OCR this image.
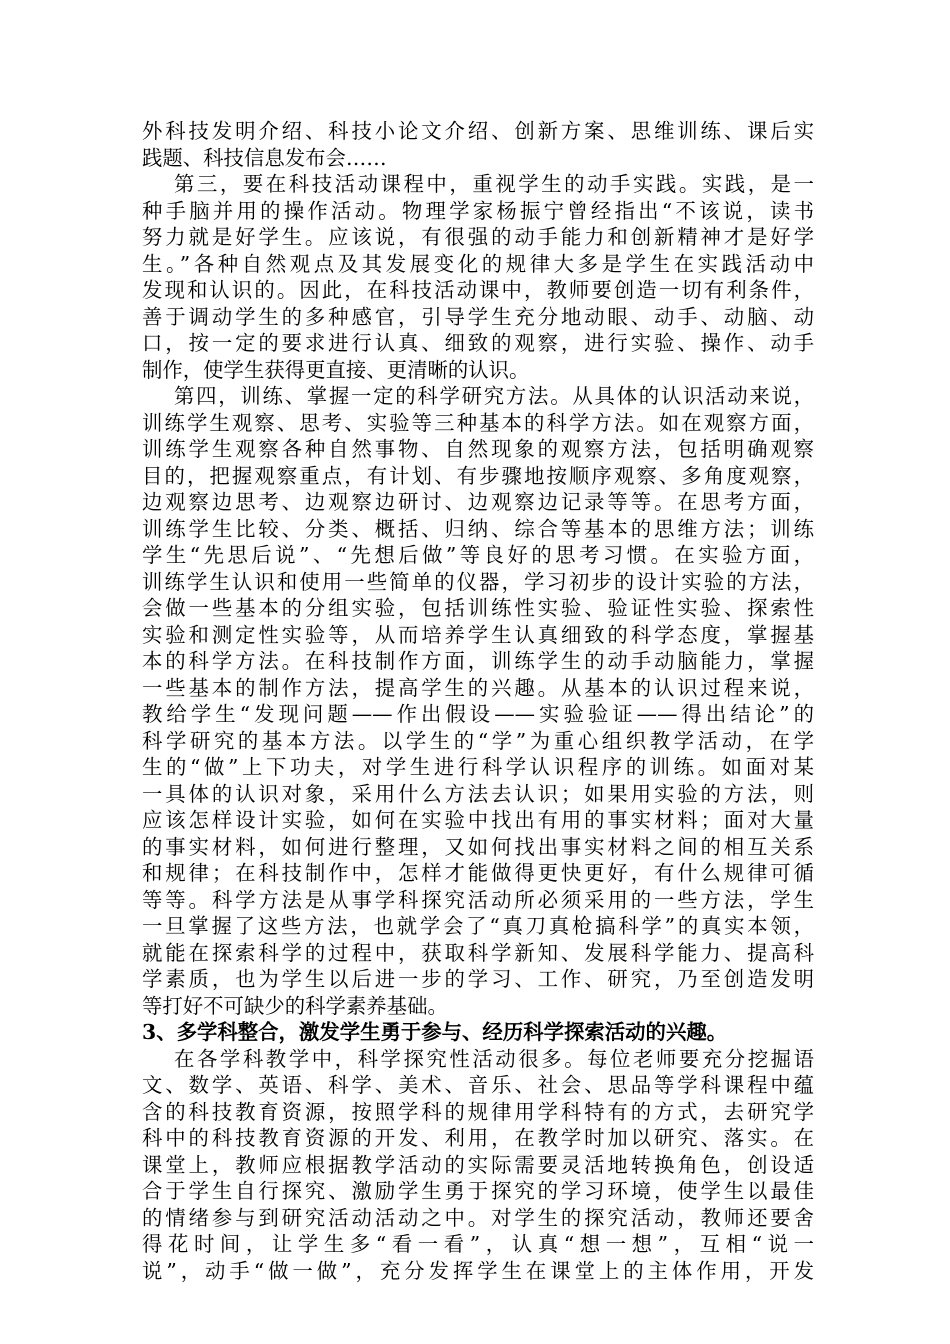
外科技发明介绍、科技小论文介绍、创新方案、思维训练、课后实
践题、科技信息发布会……
第三，要在科技活动课程中，重视学生的动手实践。实践，是一
种手脑并用的操作活动。物理学家杨振宁曾经指出“不该说，读书
努力就是好学生。应该说，有很强的动手能力和创新精神才是好学
生。”各种自然观点及其发展变化的规律大多是学生在实践活动中
发现和认识的。因此，在科技活动课中，教师要创造一切有利条件，
善于调动学生的多种感官，引导学生充分地动眼、动手、动脑、动
口，按一定的要求进行认真、细致的观察，进行实验、操作、动手
制作，使学生获得更直接、更清晰的认识。
第四，训练、掌握一定的科学研究方法。从具体的认识活动来说，
训练学生观察、思考、实验等三种基本的科学方法。如在观察方面，
训练学生观察各种自然事物、自然现象的观察方法，包括明确观察
目的，把握观察重点，有计划、有步骤地按顺序观察、多角度观察，
边观察边思考、边观察边研讨、边观察边记录等等。在思考方面，
训练学生比较、分类、概括、归纳、综合等基本的思维方法；训练
学生“先思后说”、“先想后做”等良好的思考习惯。在实验方面，
训练学生认识和使用一些简单的仪器，学习初步的设计实验的方法，
会做一些基本的分组实验，包括训练性实验、验证性实验、探索性
实验和测定性实验等，从而培养学生认真细致的科学态度，掌握基
本的科学方法。在科技制作方面，训练学生的动手动脑能力，掌握
一些基本的制作方法，提高学生的兴趣。从基本的认识过程来说，
教给学生“发现问题——作出假设——实验验证——得出结论”的
科学研究的基本方法。以学生的“学”为重心组织教学活动，在学
生的“做”上下功夫，对学生进行科学认识程序的训练。如面对某
一具体的认识对象，采用什么方法去认识；如果用实验的方法，则
应该怎样设计实验，如何在实验中找出有用的事实材料；面对大量
的事实材料，如何进行整理，又如何找出事实材料之间的相互关系
和规律；在科技制作中，怎样才能做得更快更好，有什么规律可循
等等。科学方法是从事学科探究活动所必须采用的一些方法，学生
一旦掌握了这些方法，也就学会了“真刀真枪搞科学”的真实本领，
就能在探索科学的过程中，获取科学新知、发展科学能力、提高科
学素质，也为学生以后进一步的学习、工作、研究，乃至创造发明
等打好不可缺少的科学素养基础。
3、多学科整合，激发学生勇于参与、经历科学探索活动的兴趣。
在各学科教学中，科学探究性活动很多。每位老师要充分挖掘语
文、数学、英语、科学、美术、音乐、社会、思品等学科课程中蕴
含的科技教育资源，按照学科的规律用学科特有的方式，去研究学
科中的科技教育资源的开发、利用，在教学时加以研究、落实。在
课堂上，教师应根据教学活动的实际需要灵活地转换角色，创设适
合于学生自行探究、激励学生勇于探究的学习环境，使学生以最佳
的情绪参与到研究活动活动之中。对学生的探究活动，教师还要舍
得花时间，让学生多“看一看”，认真“想一想”，互相“说一
说”，动手“做一做”，充分发挥学生在课堂上的主体作用，开发
